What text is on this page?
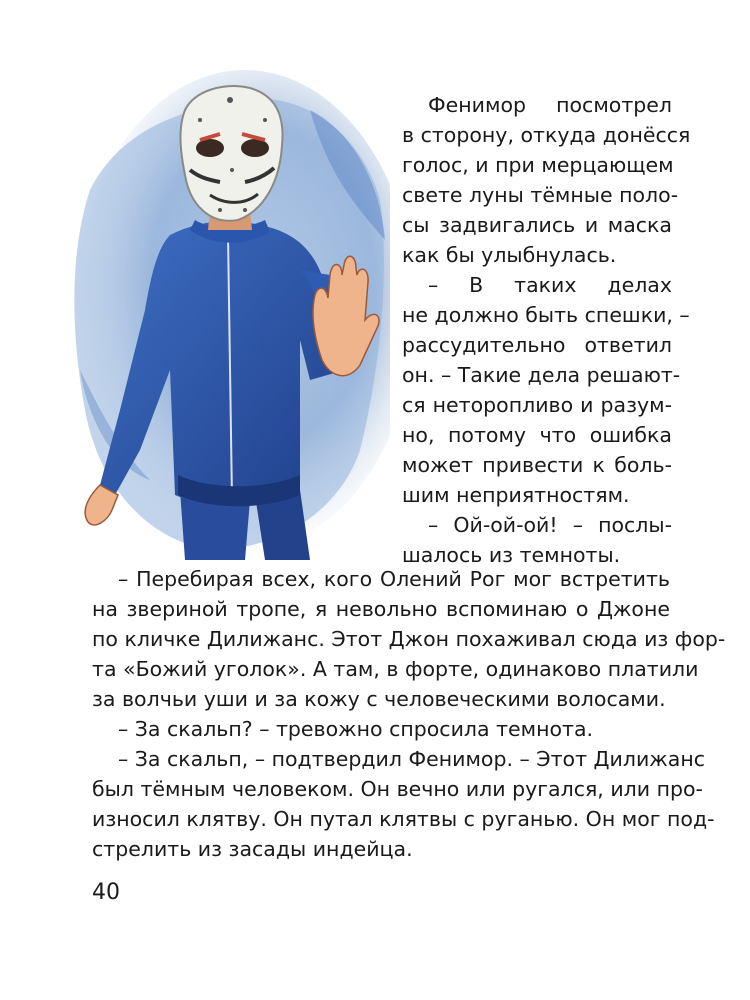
Фенимор посмотрел
в сторону, откуда донёсся
голос, и при мерцающем
свете луны тёмные поло-
сы задвигались и маска
как бы улыбнулась.
– В таких делах
не должно быть спешки, –
рассудительно ответил
он. – Такие дела решают-
ся неторопливо и разум-
но, потому что ошибка
может привести к боль-
шим неприятностям.
– Ой-ой-ой! – послы-
шалось из темноты.
– Перебирая всех, кого Олений Рог мог встретить
на звериной тропе, я невольно вспоминаю о Джоне
по кличке Дилижанс. Этот Джон похаживал сюда из фор-
та «Божий уголок». А там, в форте, одинаково платили
за волчьи уши и за кожу с человеческими волосами.
– За скальп? – тревожно спросила темнота.
– За скальп, – подтвердил Фенимор. – Этот Дилижанс
был тёмным человеком. Он вечно или ругался, или про-
износил клятву. Он путал клятвы с руганью. Он мог под-
стрелить из засады индейца.
40
